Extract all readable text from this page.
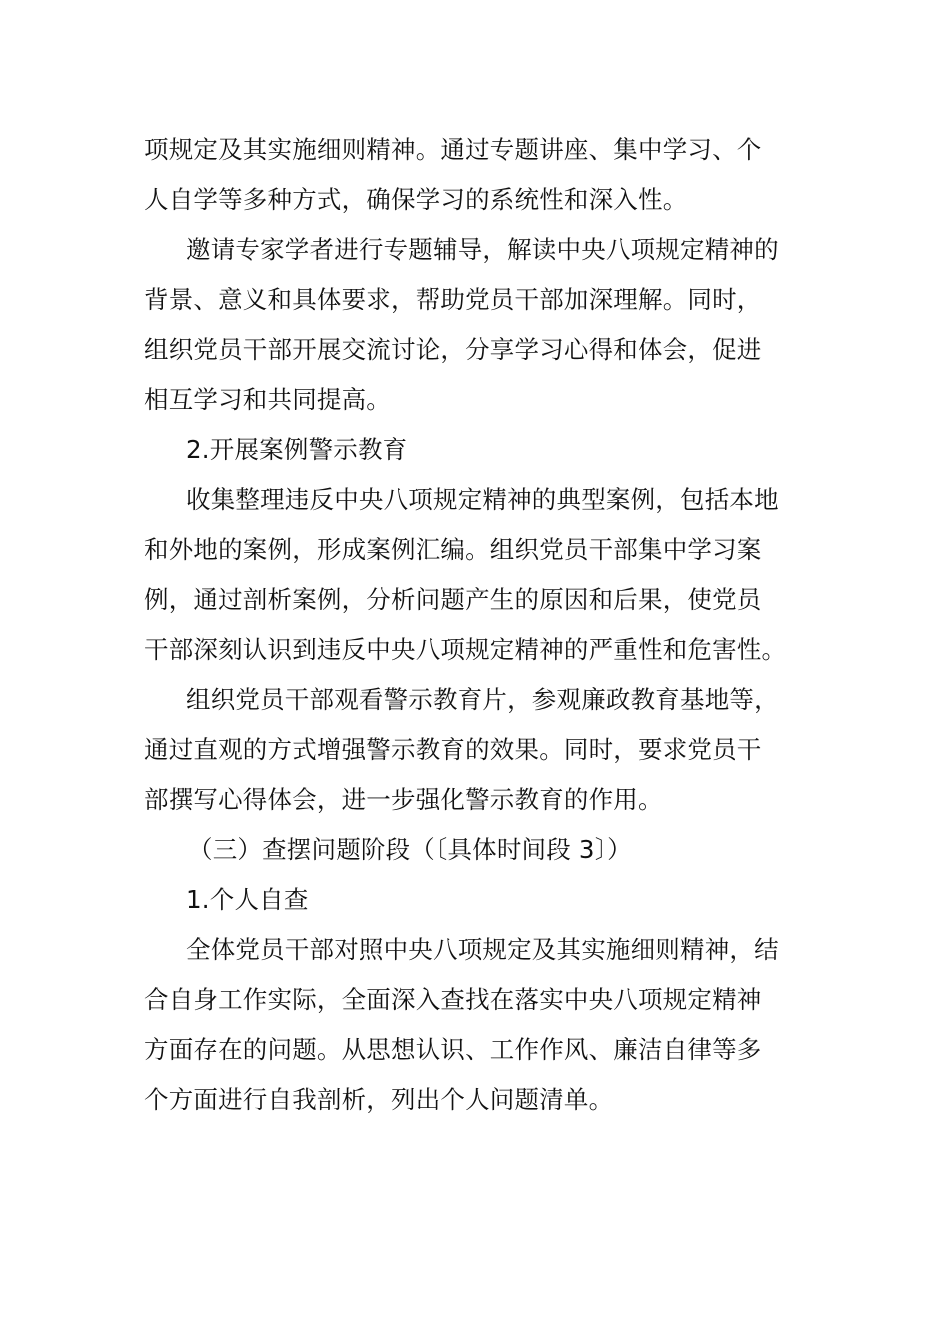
项规定及其实施细则精神。通过专题讲座、集中学习、个
人自学等多种方式，确保学习的系统性和深入性。
邀请专家学者进行专题辅导，解读中央八项规定精神的
背景、意义和具体要求，帮助党员干部加深理解。同时，
组织党员干部开展交流讨论，分享学习心得和体会，促进
相互学习和共同提高。
2.开展案例警示教育
收集整理违反中央八项规定精神的典型案例，包括本地
和外地的案例，形成案例汇编。组织党员干部集中学习案
例，通过剖析案例，分析问题产生的原因和后果，使党员
干部深刻认识到违反中央八项规定精神的严重性和危害性。
组织党员干部观看警示教育片，参观廉政教育基地等，
通过直观的方式增强警示教育的效果。同时，要求党员干
部撰写心得体会，进一步强化警示教育的作用。
（三）查摆问题阶段（〔具体时间段 3〕）
1.个人自查
全体党员干部对照中央八项规定及其实施细则精神，结
合自身工作实际，全面深入查找在落实中央八项规定精神
方面存在的问题。从思想认识、工作作风、廉洁自律等多
个方面进行自我剖析，列出个人问题清单。
